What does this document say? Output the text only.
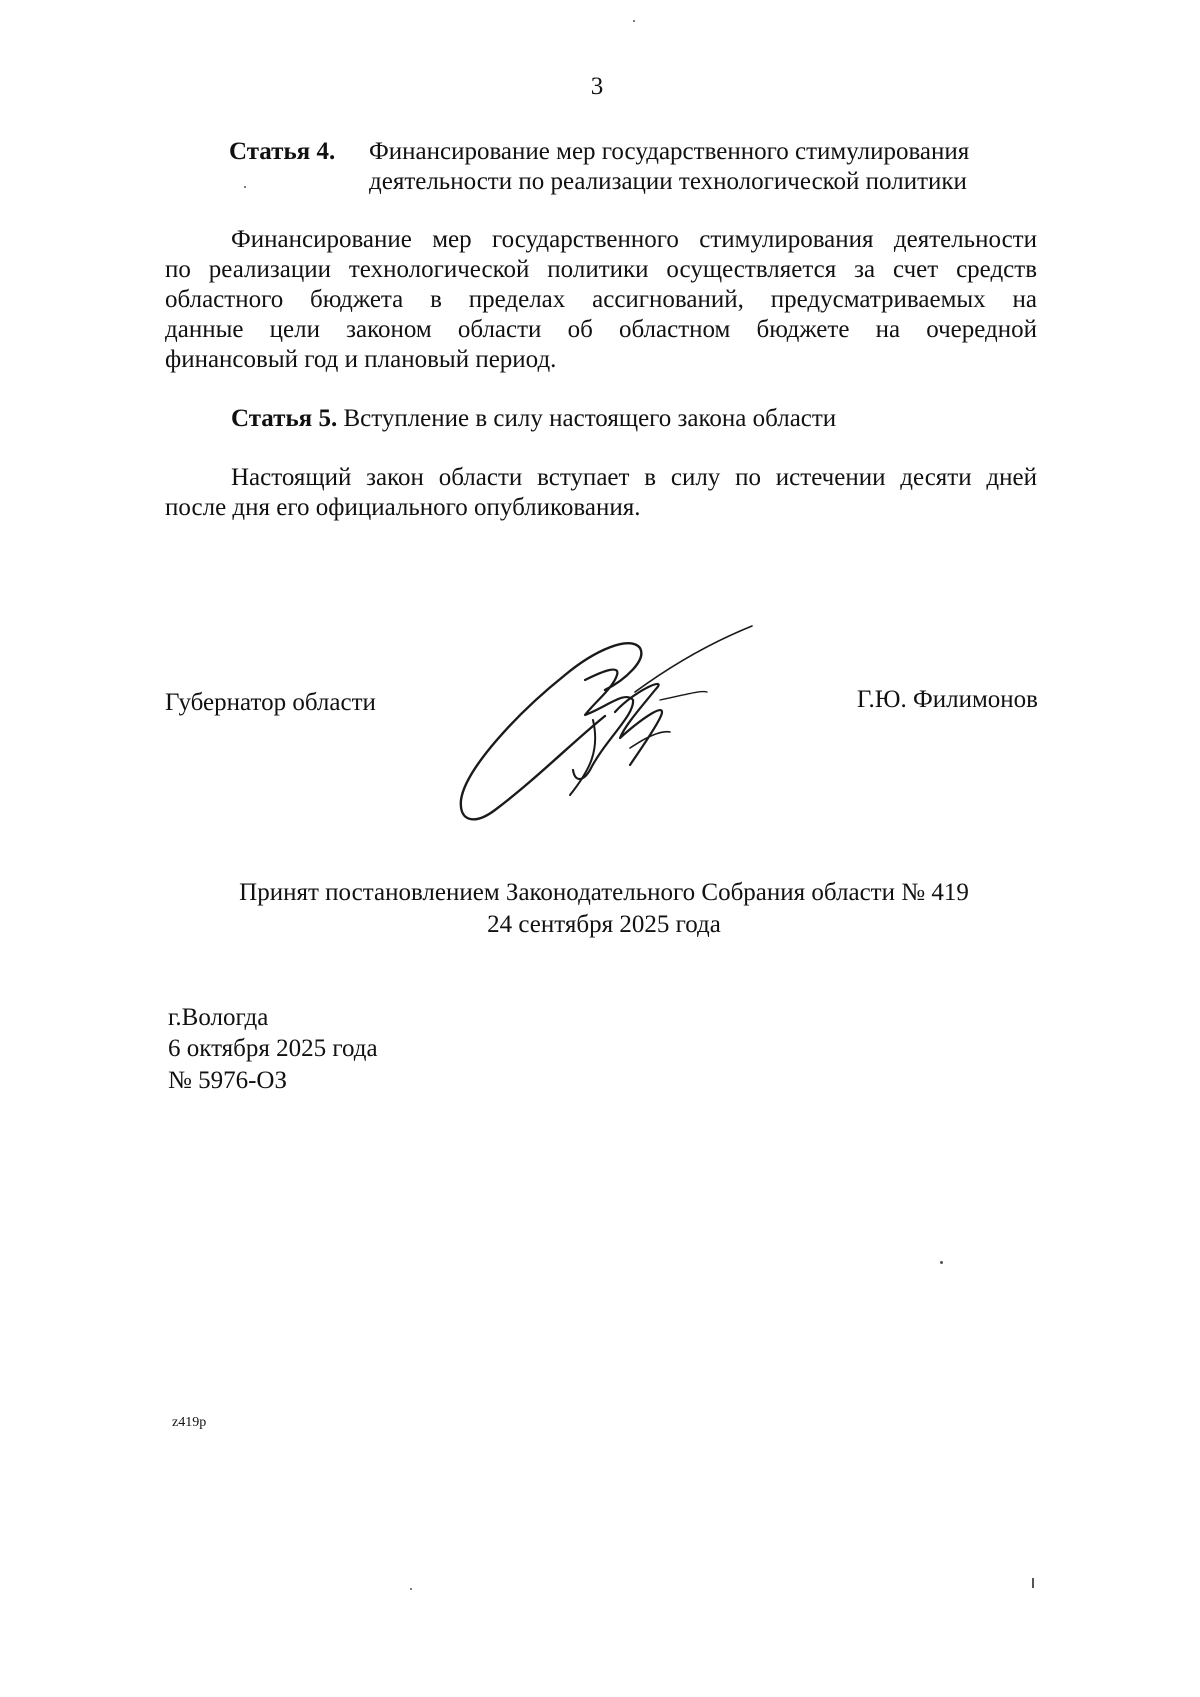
3

Статья 4. Финансирование мер государственного стимулирования
деятельности по реализации технологической политики
Финансирование мер государственного стимулирования деятельности
по реализации технологической политики осуществляется за счет средств
областного бюджета в пределах ассигнований, предусматриваемых на
данные цели законом области об областном бюджете на очередной
финансовый год и плановый период.
Статья 5. Вступление в силу настоящего закона области
Настоящий закон области вступает в силу по истечении десяти дней
после дня его официального опубликования.

Губернатор области	Г.Ю. Филимонов

Принят постановлением Законодательного Собрания области № 419

24 сентября 2025 года

г.Вологда

6 октября 2025 года

№ 5976-ОЗ

z419p
